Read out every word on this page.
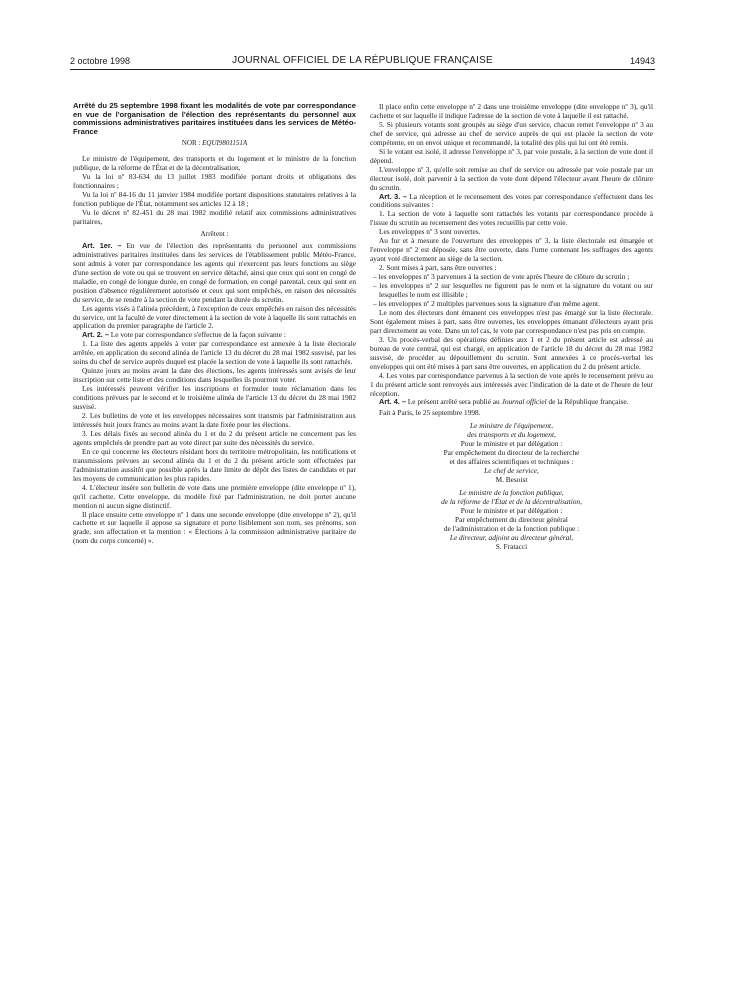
2 octobre 1998	JOURNAL OFFICIEL DE LA RÉPUBLIQUE FRANÇAISE	14943

Arrêté du 25 septembre 1998 fixant les modalités de vote par correspondance en vue de l'organisation de l'élection des représentants du personnel aux commissions administratives paritaires instituées dans les services de Météo-France

NOR : EQUI9801151A

Le ministre de l'équipement, des transports et du logement et le ministre de la fonction publique, de la réforme de l'État et de la décentralisation,

Vu la loi nº 83-634 du 13 juillet 1983 modifiée portant droits et obligations des fonctionnaires ;

Vu la loi nº 84-16 du 11 janvier 1984 modifiée portant dispositions statutaires relatives à la fonction publique de l'État, notamment ses articles 12 à 18 ;

Vu le décret nº 82-451 du 28 mai 1982 modifié relatif aux commissions administratives paritaires,

Arrêtent :

Art. 1er. – En vue de l'élection des représentants du personnel aux commissions administratives paritaires instituées dans les services de l'établissement public Météo-France, sont admis à voter par correspondance les agents qui n'exercent pas leurs fonctions au siège d'une section de vote ou qui se trouvent en service détaché, ainsi que ceux qui sont en congé de maladie, en congé de longue durée, en congé de formation, en congé parental, ceux qui sont en position d'absence régulièrement autorisée et ceux qui sont empêchés, en raison des nécessités du service, de se rendre à la section de vote pendant la durée du scrutin.

Les agents visés à l'alinéa précédent, à l'exception de ceux empêchés en raison des nécessités du service, ont la faculté de voter directement à la section de vote à laquelle ils sont rattachés en application du premier paragraphe de l'article 2.

Art. 2. – Le vote par correspondance s'effectue de la façon suivante :

1. La liste des agents appelés à voter par correspondance est annexée à la liste électorale arrêtée, en application du second alinéa de l'article 13 du décret du 28 mai 1982 susvisé, par les soins du chef de service auprès duquel est placée la section de vote à laquelle ils sont rattachés.

Quinze jours au moins avant la date des élections, les agents intéressés sont avisés de leur inscription sur cette liste et des conditions dans lesquelles ils pourront voter.

Les intéressés peuvent vérifier les inscriptions et formuler toute réclamation dans les conditions prévues par le second et le troisième alinéa de l'article 13 du décret du 28 mai 1982 susvisé.

2. Les bulletins de vote et les enveloppes nécessaires sont transmis par l'administration aux intéressés huit jours francs au moins avant la date fixée pour les élections.

3. Les délais fixés au second alinéa du 1 et du 2 du présent article ne concernent pas les agents empêchés de prendre part au vote direct par suite des nécessités du service.

En ce qui concerne les électeurs résidant hors du territoire métropolitain, les notifications et transmissions prévues au second alinéa du 1 et du 2 du présent article sont effectuées par l'administration aussitôt que possible après la date limite de dépôt des listes de candidats et par les moyens de communication les plus rapides.

4. L'électeur insère son bulletin de vote dans une première enveloppe (dite enveloppe nº 1), qu'il cachette. Cette enveloppe, du modèle fixé par l'administration, ne doit porter aucune mention ni aucun signe distinctif.

Il place ensuite cette enveloppe nº 1 dans une seconde enveloppe (dite enveloppe nº 2), qu'il cachette et sur laquelle il appose sa signature et porte lisiblement son nom, ses prénoms, son grade, son affectation et la mention : « Élections à la commission administrative paritaire de (nom du corps concerné) ».

Il place enfin cette enveloppe nº 2 dans une troisième enveloppe (dite enveloppe nº 3), qu'il cachette et sur laquelle il indique l'adresse de la section de vote à laquelle il est rattaché.

5. Si plusieurs votants sont groupés au siège d'un service, chacun remet l'enveloppe nº 3 au chef de service, qui adresse au chef de service auprès de qui est placée la section de vote compétente, en un envoi unique et recommandé, la totalité des plis qui lui ont été remis.

Si le votant est isolé, il adresse l'enveloppe nº 3, par voie postale, à la section de vote dont il dépend.

L'enveloppe nº 3, qu'elle soit remise au chef de service ou adressée par voie postale par un électeur isolé, doit parvenir à la section de vote dont dépend l'électeur avant l'heure de clôture du scrutin.

Art. 3. – La réception et le recensement des votes par correspondance s'effectuent dans les conditions suivantes :

1. La section de vote à laquelle sont rattachés les votants par correspondance procède à l'issue du scrutin au recensement des votes recueillis par cette voie.

Les enveloppes nº 3 sont ouvertes.

Au fur et à mesure de l'ouverture des enveloppes nº 3, la liste électorale est émargée et l'enveloppe nº 2 est déposée, sans être ouverte, dans l'urne contenant les suffrages des agents ayant voté directement au siège de la section.

2. Sont mises à part, sans être ouvertes :

– les enveloppes nº 3 parvenues à la section de vote après l'heure de clôture du scrutin ;
– les enveloppes nº 2 sur lesquelles ne figurent pas le nom et la signature du votant ou sur lesquelles le nom est illisible ;
– les enveloppes nº 2 multiples parvenues sous la signature d'un même agent.

Le nom des électeurs dont émanent ces enveloppes n'est pas émargé sur la liste électorale. Sont également mises à part, sans être ouvertes, les enveloppes émanant d'électeurs ayant pris part directement au vote. Dans un tel cas, le vote par correspondance n'est pas pris en compte.

3. Un procès-verbal des opérations définies aux 1 et 2 du présent article est adressé au bureau de vote central, qui est chargé, en application de l'article 18 du décret du 28 mai 1982 susvisé, de procéder au dépouillement du scrutin. Sont annexées à ce procès-verbal les enveloppes qui ont été mises à part sans être ouvertes, en application du 2 du présent article.

4. Les votes par correspondance parvenus à la section de vote après le recensement prévu au 1 du présent article sont renvoyés aux intéressés avec l'indication de la date et de l'heure de leur réception.

Art. 4. – Le présent arrêté sera publié au Journal officiel de la République française.

Fait à Paris, le 25 septembre 1998.

Le ministre de l'équipement,

des transports et du logement,

Pour le ministre et par délégation :

Par empêchement du directeur de la recherche

et des affaires scientifiques et techniques :

Le chef de service,

M. Besoist

Le ministre de la fonction publique,

de la réforme de l'État et de la décentralisation,

Pour le ministre et par délégation :

Par empêchement du directeur général

de l'administration et de la fonction publique :

Le directeur, adjoint au directeur général,

S. Fratacci
